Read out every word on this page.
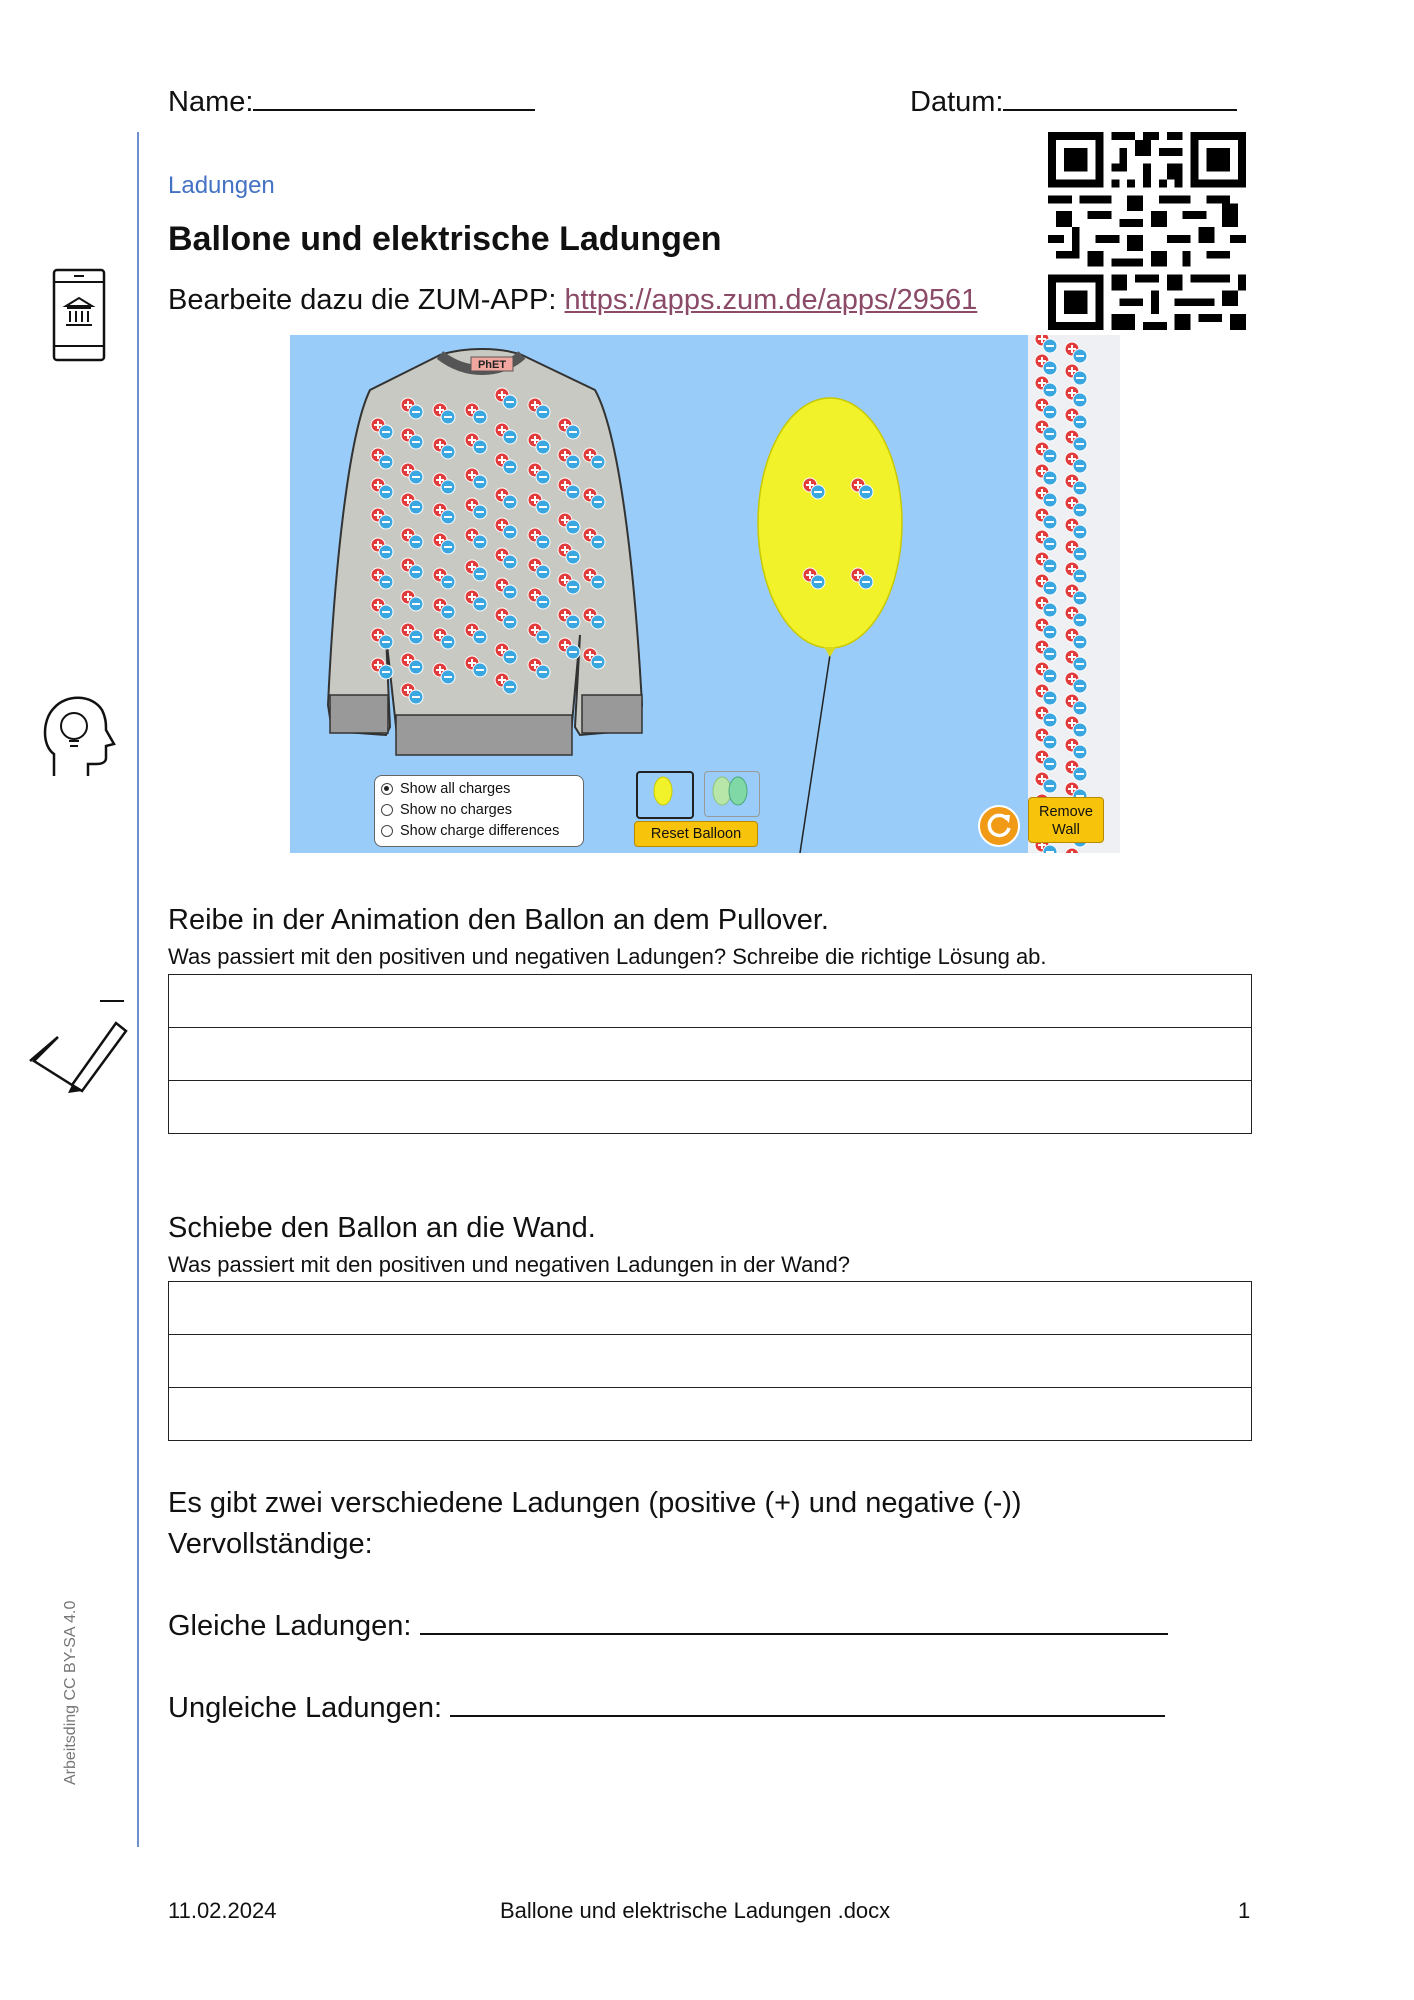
Name:	Datum:
Arbeitsding CC BY-SA 4.0
Ladungen
Ballone und elektrische Ladungen
Bearbeite dazu die ZUM-APP: https://apps.zum.de/apps/29561
PhET
Show all charges
Show no charges
Show charge differences	Reset Balloon
Remove
Wall
Reibe in der Animation den Ballon an dem Pullover.
Was passiert mit den positiven und negativen Ladungen? Schreibe die richtige Lösung ab.
Schiebe den Ballon an die Wand.
Was passiert mit den positiven und negativen Ladungen in der Wand?
Es gibt zwei verschiedene Ladungen (positive (+) und negative (-))
Vervollständige:
Gleiche Ladungen:
Ungleiche Ladungen:
11.02.2024	Ballone und elektrische Ladungen .docx	1
